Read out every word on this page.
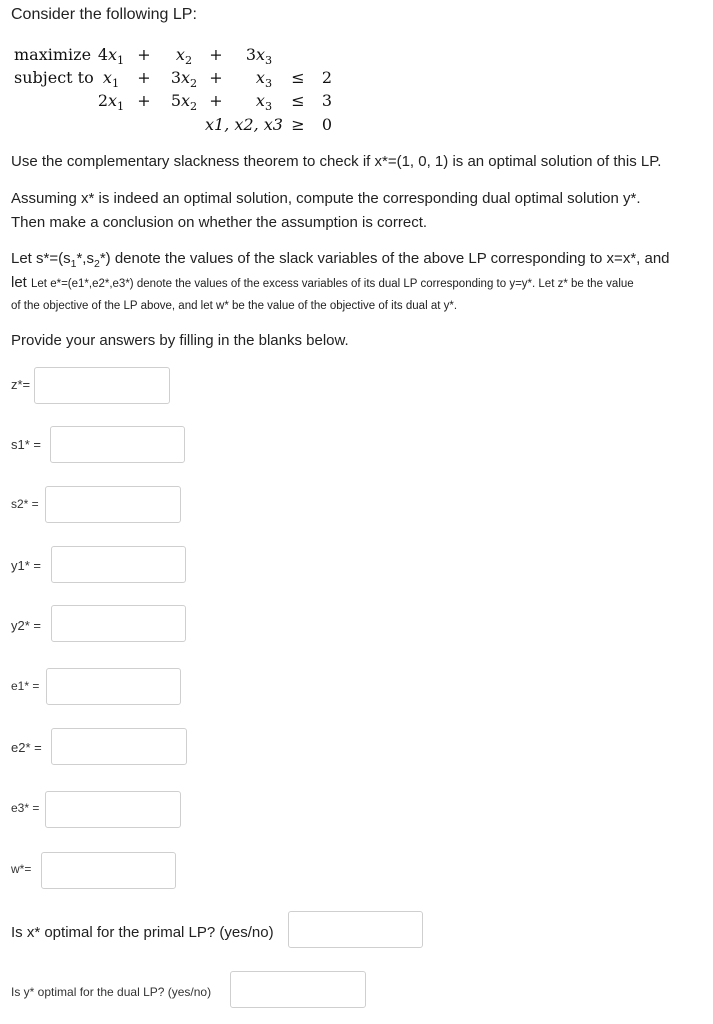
Consider the following LP:
maximize $4x_1$ +	$x_2$	+	$3x_3$
subject to $x_1$	+	$3x_2$ +	$x_3$	≤ 2
$2x_1$ +	$5x_2$ +	$x_3$	≤ 3
x1, x2, x3 ≥ 0
Use the complementary slackness theorem to check if x*=(1, 0, 1) is an optimal solution of this LP.
Assuming x* is indeed an optimal solution, compute the corresponding dual optimal solution y*.
Then make a conclusion on whether the assumption is correct.
Let $s*=(s_1*,s_2*)$ denote the values of the slack variables of the above LP corresponding to x=x*, and
let Let e*=(e1*,e2*,e3*) denote the values of the excess variables of its dual LP corresponding to y=y*. Let z* be the value
of the objective of the LP above, and let w* be the value of the objective of its dual at y*.
Provide your answers by filling in the blanks below.
z*=
s1* =
s2* =
y1* =
y2* =
e1* =
e2* =
e3* =
w*=
Is x* optimal for the primal LP? (yes/no)
Is y* optimal for the dual LP? (yes/no)
